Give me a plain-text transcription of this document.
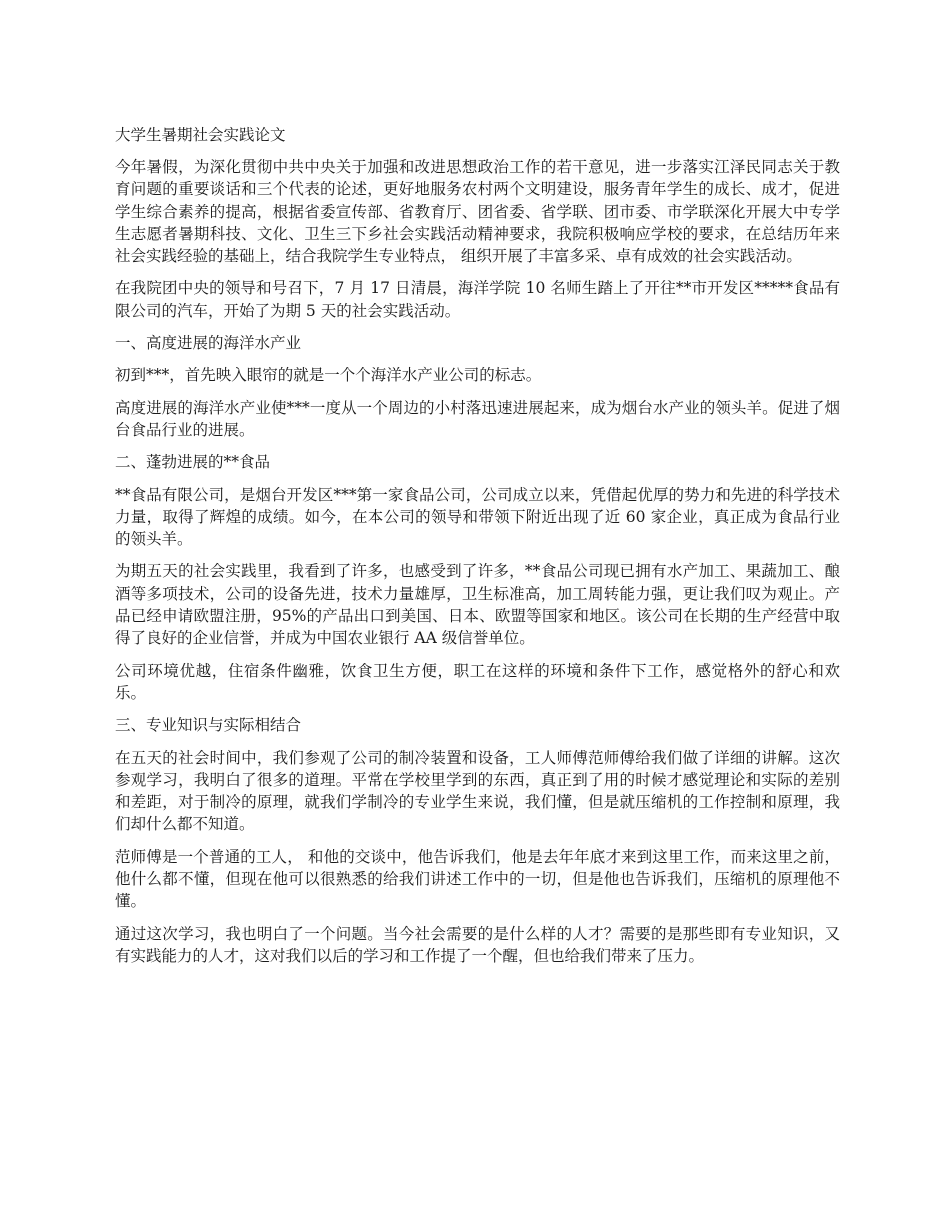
大学生暑期社会实践论文

今年暑假，为深化贯彻中共中央关于加强和改进思想政治工作的若干意见，进一步落实江泽民同志关于教育问题的重要谈话和三个代表的论述，更好地服务农村两个文明建设，服务青年学生的成长、成才，促进学生综合素养的提高，根据省委宣传部、省教育厅、团省委、省学联、团市委、市学联深化开展大中专学生志愿者暑期科技、文化、卫生三下乡社会实践活动精神要求，我院积极响应学校的要求，在总结历年来社会实践经验的基础上，结合我院学生专业特点， 组织开展了丰富多采、卓有成效的社会实践活动。

在我院团中央的领导和号召下，7 月 17 日清晨，海洋学院 10 名师生踏上了开往**市开发区*****食品有限公司的汽车，开始了为期 5 天的社会实践活动。

一、高度进展的海洋水产业

初到***，首先映入眼帘的就是一个个海洋水产业公司的标志。

高度进展的海洋水产业使***一度从一个周边的小村落迅速进展起来，成为烟台水产业的领头羊。促进了烟台食品行业的进展。

二、蓬勃进展的**食品

**食品有限公司，是烟台开发区***第一家食品公司，公司成立以来，凭借起优厚的势力和先进的科学技术力量，取得了辉煌的成绩。如今，在本公司的领导和带领下附近出现了近 60 家企业，真正成为食品行业的领头羊。

为期五天的社会实践里，我看到了许多，也感受到了许多，**食品公司现已拥有水产加工、果蔬加工、酿酒等多项技术，公司的设备先进，技术力量雄厚，卫生标准高，加工周转能力强，更让我们叹为观止。产品已经申请欧盟注册，95%的产品出口到美国、日本、欧盟等国家和地区。该公司在长期的生产经营中取得了良好的企业信誉，并成为中国农业银行 AA 级信誉单位。

公司环境优越，住宿条件幽雅，饮食卫生方便，职工在这样的环境和条件下工作，感觉格外的舒心和欢乐。

三、专业知识与实际相结合

在五天的社会时间中，我们参观了公司的制冷装置和设备，工人师傅范师傅给我们做了详细的讲解。这次参观学习，我明白了很多的道理。平常在学校里学到的东西，真正到了用的时候才感觉理论和实际的差别和差距，对于制冷的原理，就我们学制冷的专业学生来说，我们懂，但是就压缩机的工作控制和原理，我们却什么都不知道。

范师傅是一个普通的工人， 和他的交谈中，他告诉我们，他是去年年底才来到这里工作，而来这里之前，他什么都不懂，但现在他可以很熟悉的给我们讲述工作中的一切，但是他也告诉我们，压缩机的原理他不懂。

通过这次学习，我也明白了一个问题。当今社会需要的是什么样的人才？需要的是那些即有专业知识，又有实践能力的人才，这对我们以后的学习和工作提了一个醒，但也给我们带来了压力。
